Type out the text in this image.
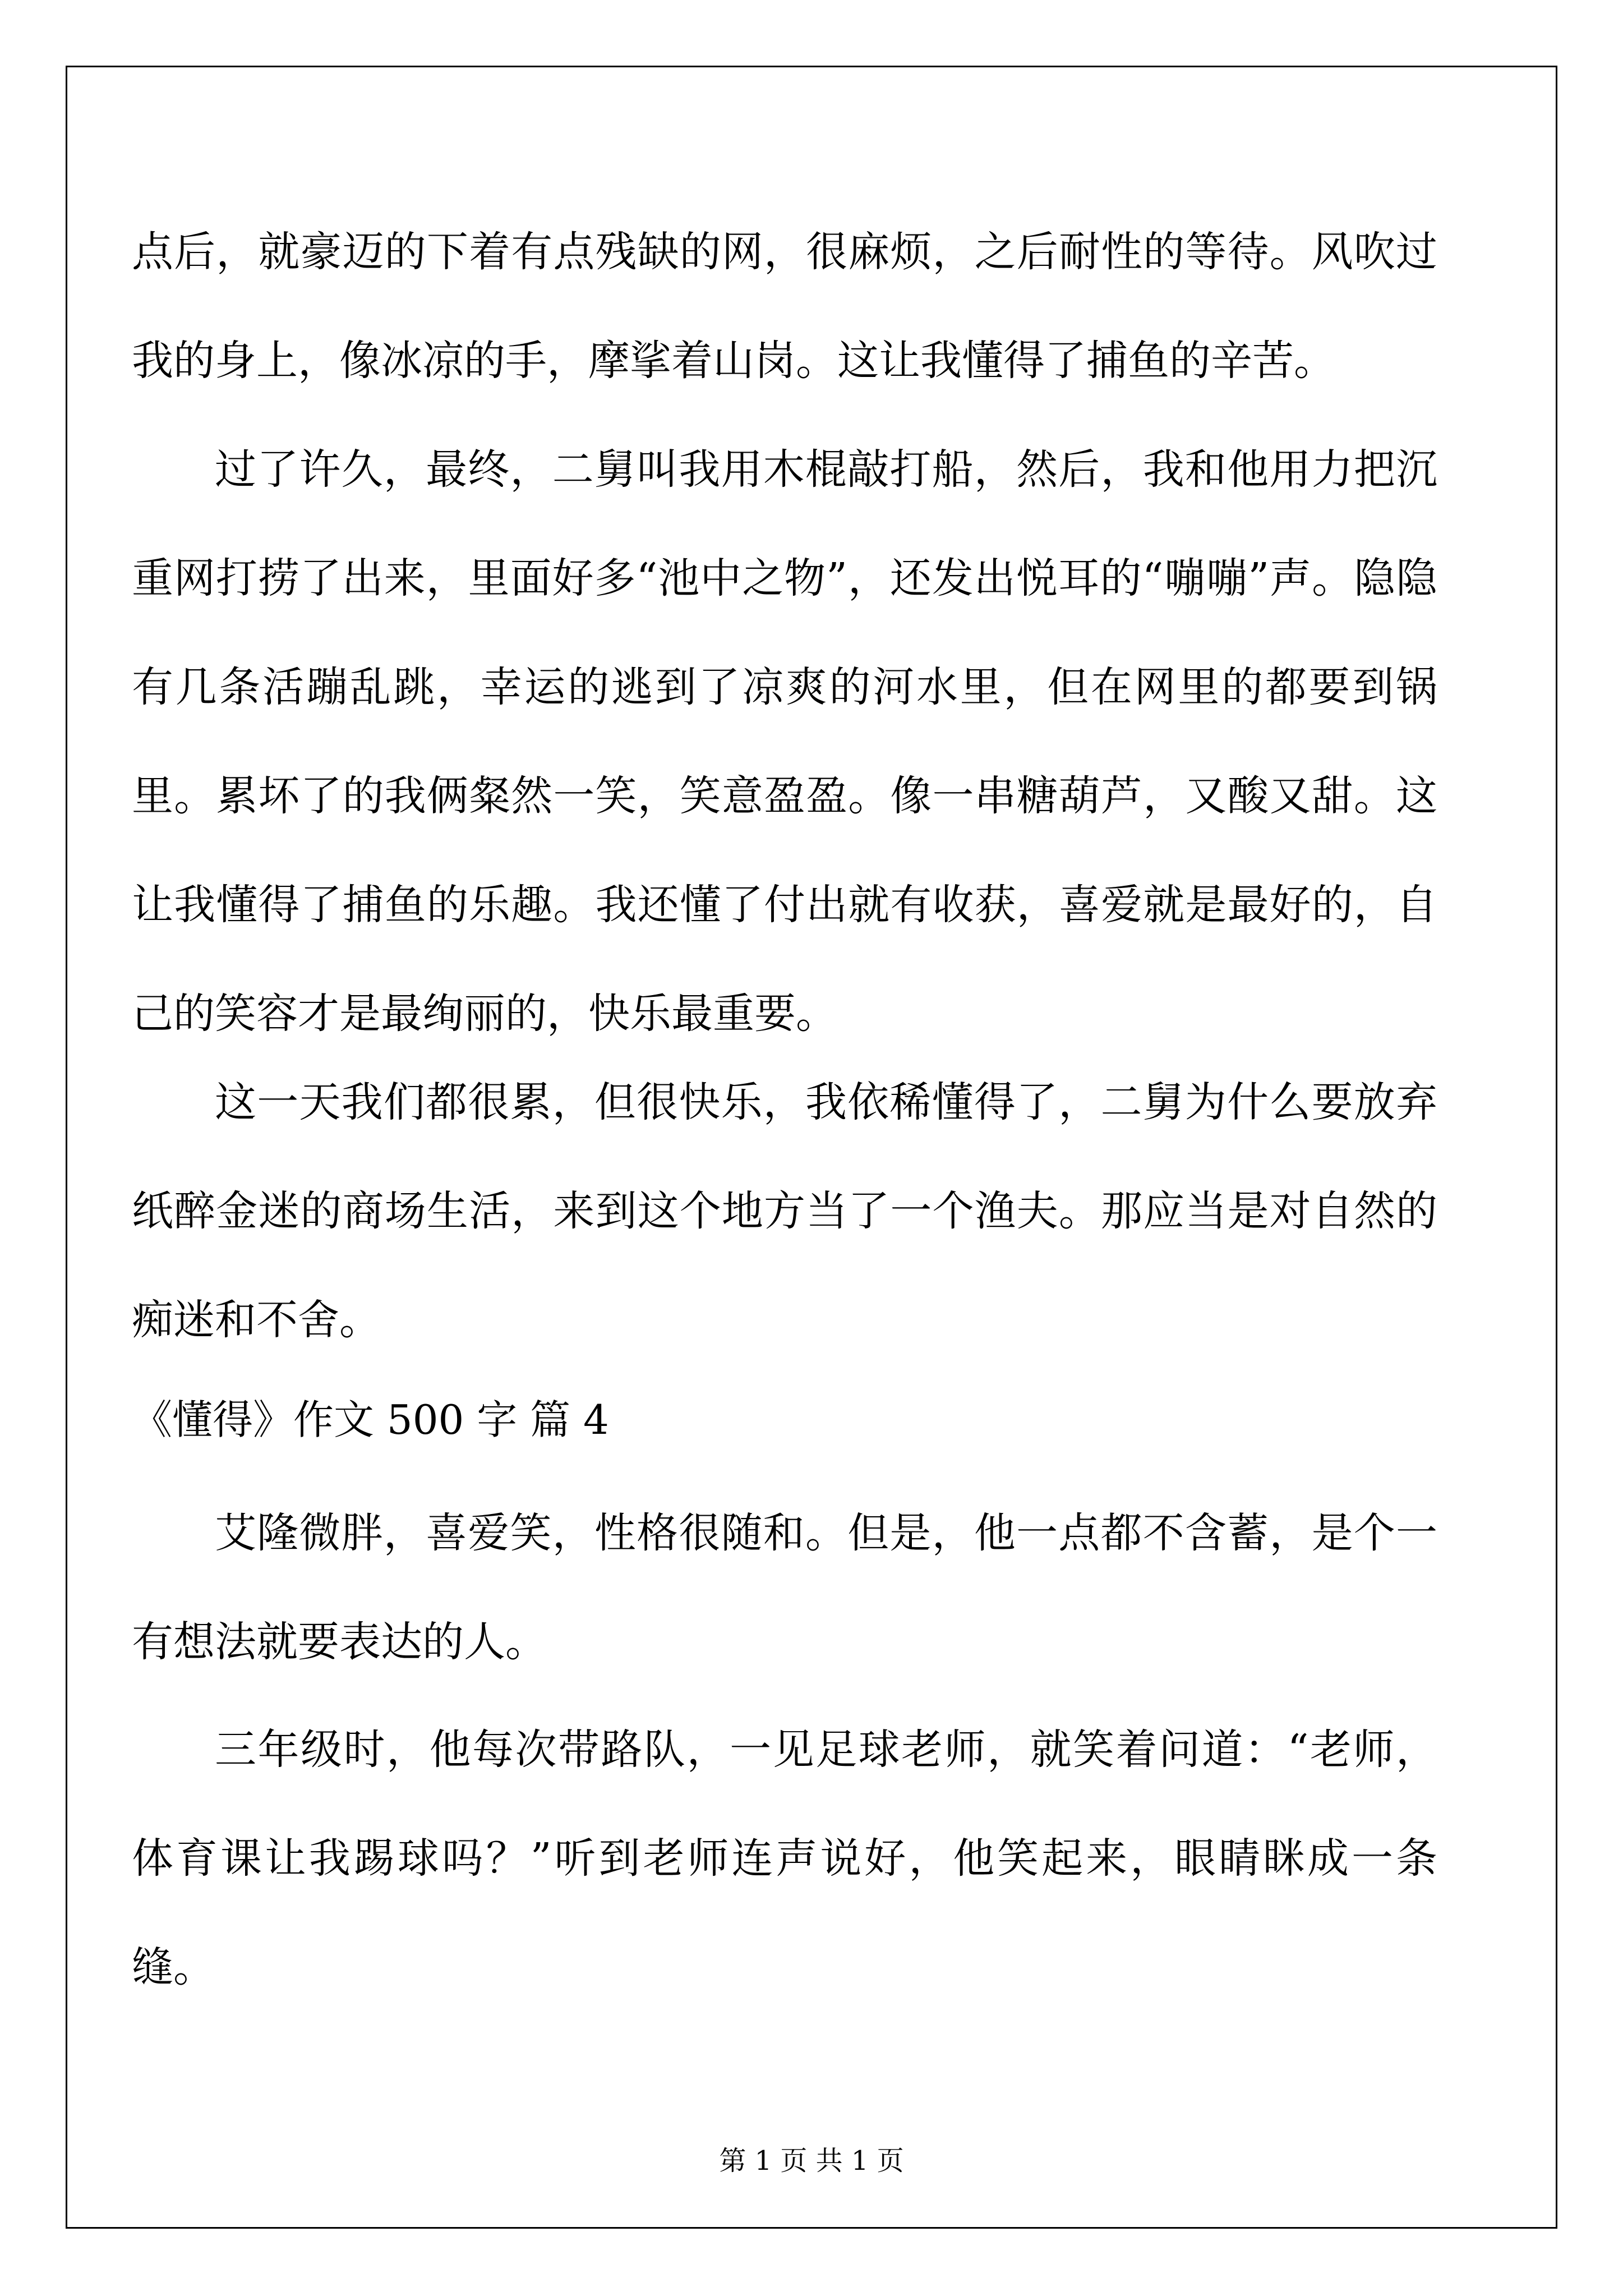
点后，就豪迈的下着有点残缺的网，很麻烦，之后耐性的等待。风吹过我的身上，像冰凉的手，摩挲着山岗。这让我懂得了捕鱼的辛苦。

过了许久，最终，二舅叫我用木棍敲打船，然后，我和他用力把沉重网打捞了出来，里面好多“池中之物”，还发出悦耳的“嘣嘣”声。隐隐有几条活蹦乱跳，幸运的逃到了凉爽的河水里，但在网里的都要到锅里。累坏了的我俩粲然一笑，笑意盈盈。像一串糖葫芦，又酸又甜。这让我懂得了捕鱼的乐趣。我还懂了付出就有收获，喜爱就是最好的，自己的笑容才是最绚丽的，快乐最重要。

这一天我们都很累，但很快乐，我依稀懂得了，二舅为什么要放弃纸醉金迷的商场生活，来到这个地方当了一个渔夫。那应当是对自然的痴迷和不舍。

《懂得》作文 500 字 篇 4

艾隆微胖，喜爱笑，性格很随和。但是，他一点都不含蓄，是个一有想法就要表达的人。

三年级时，他每次带路队，一见足球老师，就笑着问道：“老师，体育课让我踢球吗？”听到老师连声说好，他笑起来，眼睛眯成一条缝。

第 1 页 共 1 页
